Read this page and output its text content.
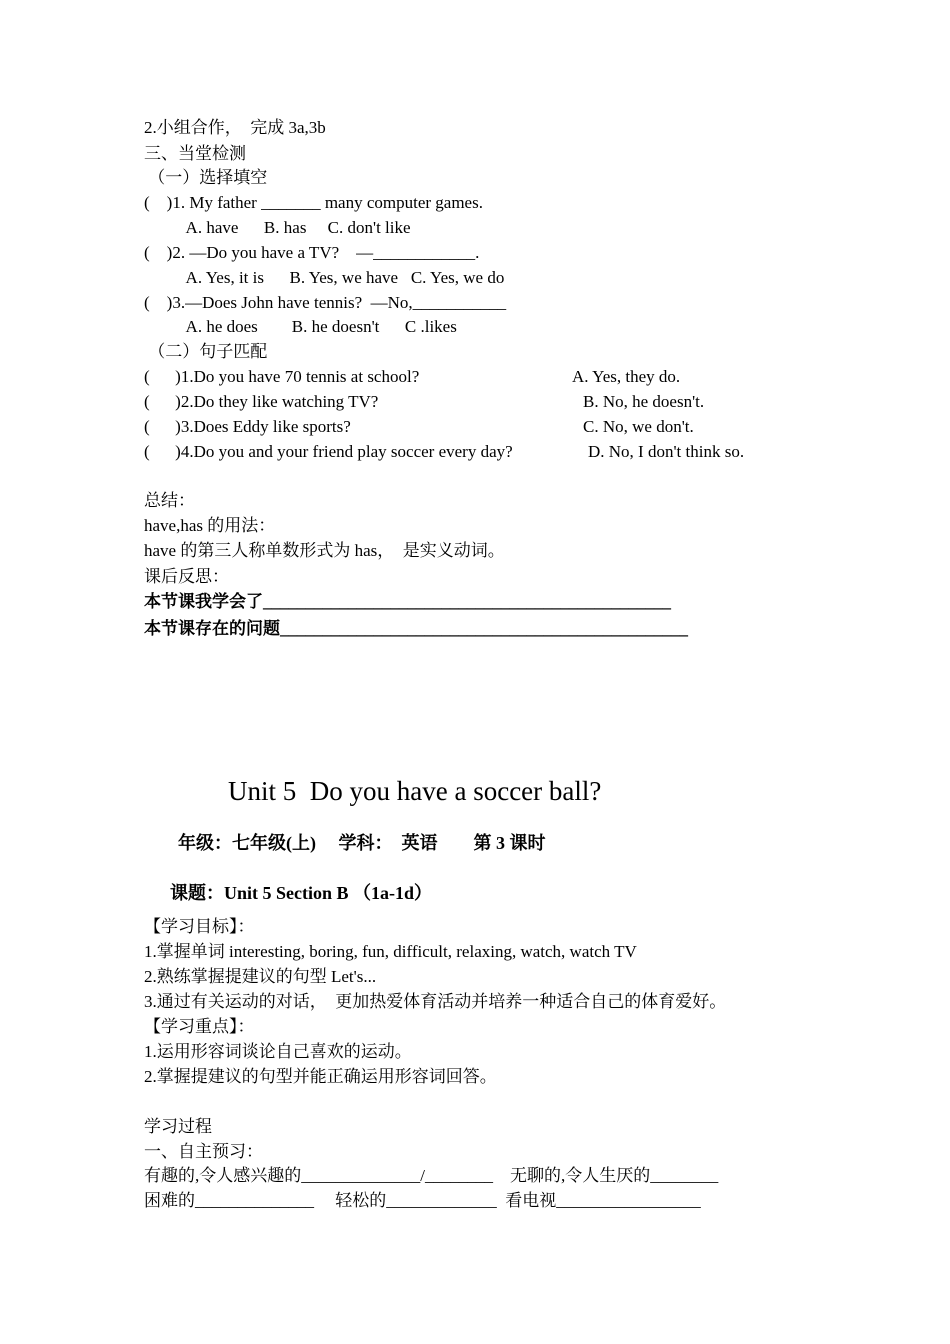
2.小组合作，  完成 3a,3b
三、当堂检测
（一）选择填空
(    )1. My father _______ many computer games.
A. have      B. has     C. don't like
(    )2. —Do you have a TV?    —____________.
A. Yes, it is      B. Yes, we have   C. Yes, we do
(    )3.—Does John have tennis?  —No,___________
A. he does        B. he doesn't      C .likes
（二）句子匹配
(      )1.Do you have 70 tennis at school?	A. Yes, they do.
(      )2.Do they like watching TV?	B. No, he doesn't.
(      )3.Does Eddy like sports?	C. No, we don't.
(      )4.Do you and your friend play soccer every day?	D. No, I don't think so.
总结：
have,has 的用法：
have 的第三人称单数形式为 has，  是实义动词。
课后反思：
本节课我学会了________________________________________________
本节课存在的问题________________________________________________
Unit 5  Do you have a soccer ball?
年级：七年级(上)     学科：  英语        第 3 课时
课题：Unit 5 Section B （1a-1d）
【学习目标】：
1.掌握单词 interesting, boring, fun, difficult, relaxing, watch, watch TV
2.熟练掌握提建议的句型 Let's...
3.通过有关运动的对话，  更加热爱体育活动并培养一种适合自己的体育爱好。
【学习重点】：
1.运用形容词谈论自己喜欢的运动。
2.掌握提建议的句型并能正确运用形容词回答。
学习过程
一、自主预习：
有趣的,令人感兴趣的______________/________    无聊的,令人生厌的________
困难的______________     轻松的_____________  看电视_________________
